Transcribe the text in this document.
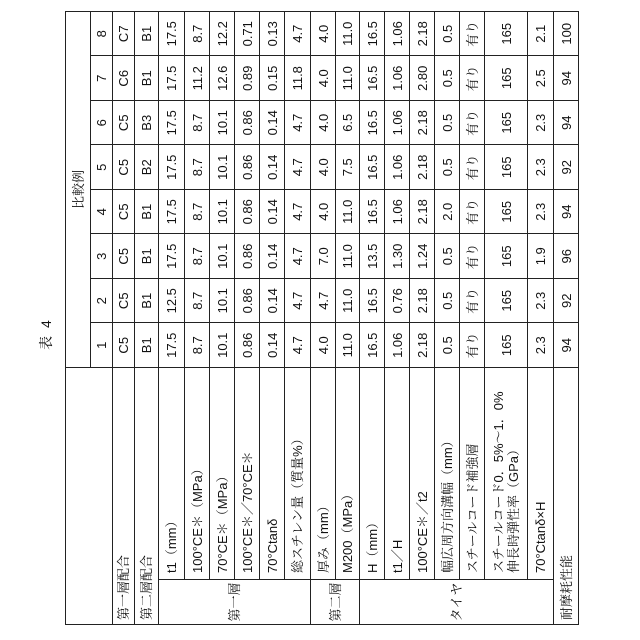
表 4
	比較例
1	2	3	4	5	6	7	8
第一層配合	C5	C5	C5	C5	C5	C5	C6	C7
第二層配合	B1	B1	B1	B1	B2	B3	B1	B1
第一層	t1（mm）	17.5	12.5	17.5	17.5	17.5	17.5	17.5	17.5
100°CE＊（MPa）	8.7	8.7	8.7	8.7	8.7	8.7	11.2	8.7
70°CE＊（MPa）	10.1	10.1	10.1	10.1	10.1	10.1	12.6	12.2
100°CE＊／70°CE＊	0.86	0.86	0.86	0.86	0.86	0.86	0.89	0.71
70°Ctanδ	0.14	0.14	0.14	0.14	0.14	0.14	0.15	0.13
総スチレン量（質量%）	4.7	4.7	4.7	4.7	4.7	4.7	11.8	4.7
第二層	厚み（mm）	4.0	4.7	7.0	4.0	4.0	4.0	4.0	4.0
M200（MPa）	11.0	11.0	11.0	11.0	7.5	6.5	11.0	11.0
タイヤ	H（mm）	16.5	16.5	13.5	16.5	16.5	16.5	16.5	16.5
t1／H	1.06	0.76	1.30	1.06	1.06	1.06	1.06	1.06
100°CE＊／t2	2.18	2.18	1.24	2.18	2.18	2.18	2.80	2.18
幅広周方向溝幅（mm）	0.5	0.5	0.5	2.0	0.5	0.5	0.5	0.5
スチールコード補強層	有り	有り	有り	有り	有り	有り	有り	有り

スチールコード0．5%～1．0% 伸長時弾性率（GPa）
	165	165	165	165	165	165	165	165
70°Ctanδ×H	2.3	2.3	1.9	2.3	2.3	2.3	2.5	2.1
耐摩耗性能	94	92	96	94	92	94	94	100
